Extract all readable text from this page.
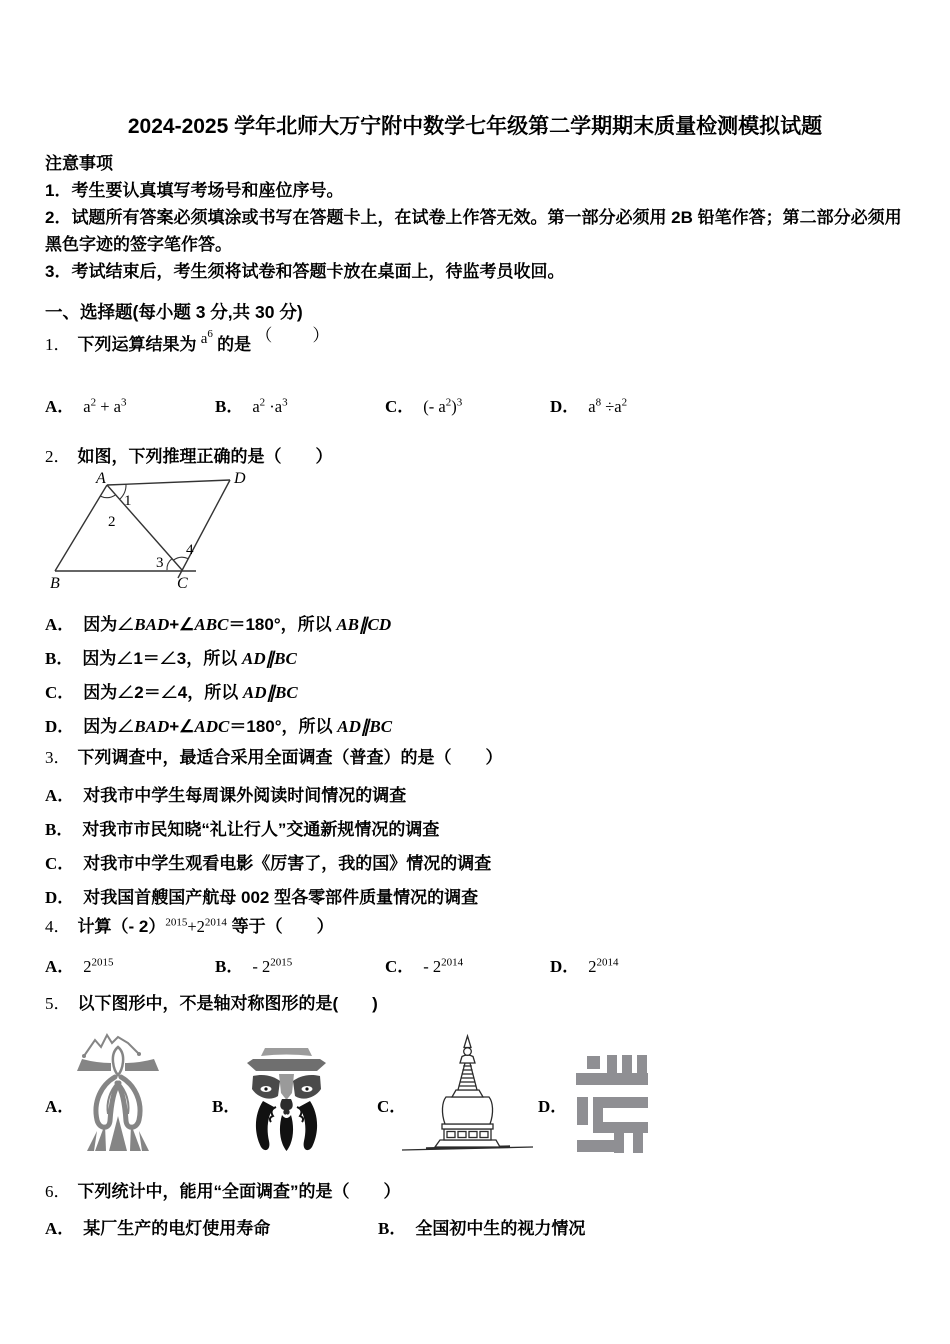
2024-2025 学年北师大万宁附中数学七年级第二学期期末质量检测模拟试题
注意事项
1．考生要认真填写考场号和座位序号。
2．试题所有答案必须填涂或书写在答题卡上，在试卷上作答无效。第一部分必须用 2B 铅笔作答；第二部分必须用黑色字迹的签字笔作答。
3．考试结束后，考生须将试卷和答题卡放在桌面上，待监考员收回。
一、选择题(每小题 3 分,共 30 分)
1． 下列运算结果为 $a^6$ 的是 （　　）
A． $a^2 + a^3$	B． $a^2 \cdot a^3$	C． (- $a^2)^3$	D． $a^8 \div a^2$
2． 如图，下列推理正确的是（　　）
A	D
B	C
1
2
3
4
A． 因为∠BAD+∠ABC＝180°，所以 AB∥CD
B． 因为∠1＝∠3，所以 AD∥BC
C． 因为∠2＝∠4，所以 AD∥BC
D． 因为∠BAD+∠ADC＝180°，所以 AD∥BC
3． 下列调查中，最适合采用全面调查（普查）的是（　　）
A． 对我市中学生每周课外阅读时间情况的调查
B． 对我市市民知晓“礼让行人”交通新规情况的调查
C． 对我市中学生观看电影《厉害了，我的国》情况的调查
D． 对我国首艘国产航母 002 型各零部件质量情况的调查
4． 计算（- $2)^{2015}+2^{2014}$ 等于（　　）
A． $2^{2015}$	B． - $2^{2015}$	C． - $2^{2014}$	D． $2^{2014}$
5． 以下图形中，不是轴对称图形的是(　　)
A．	B．	C．	D．
6． 下列统计中，能用“全面调查”的是（　　）
A． 某厂生产的电灯使用寿命	B． 全国初中生的视力情况
